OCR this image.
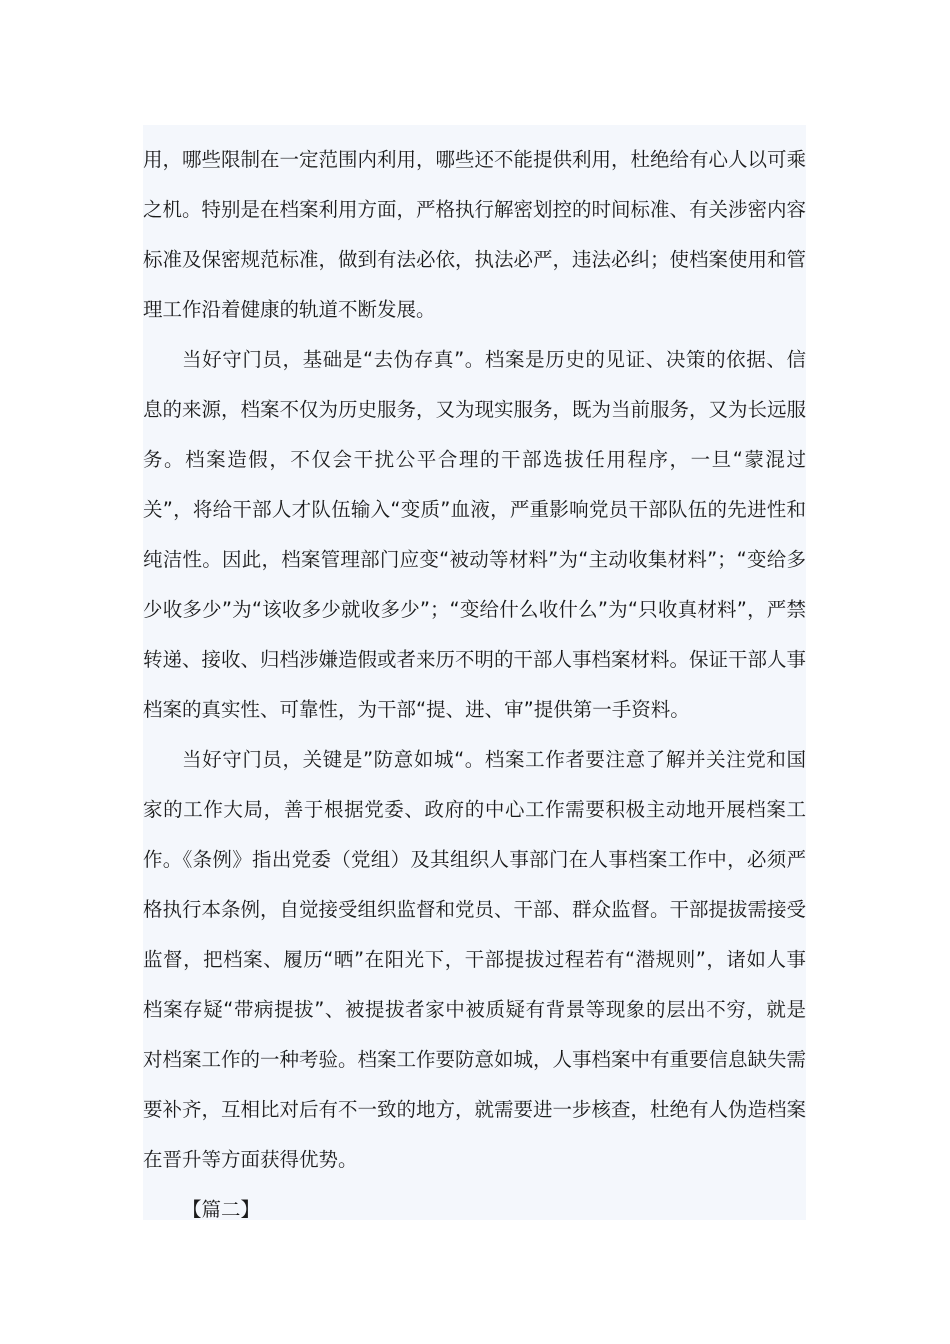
用，哪些限制在一定范围内利用，哪些还不能提供利用，杜绝给有心人以可乘之机。特别是在档案利用方面，严格执行解密划控的时间标准、有关涉密内容标准及保密规范标准，做到有法必依，执法必严，违法必纠；使档案使用和管理工作沿着健康的轨道不断发展。

当好守门员，基础是“去伪存真”。档案是历史的见证、决策的依据、信息的来源，档案不仅为历史服务，又为现实服务，既为当前服务，又为长远服务。档案造假，不仅会干扰公平合理的干部选拔任用程序，一旦“蒙混过关”，将给干部人才队伍输入“变质”血液，严重影响党员干部队伍的先进性和纯洁性。因此，档案管理部门应变“被动等材料”为“主动收集材料”；“变给多少收多少”为“该收多少就收多少”；“变给什么收什么”为“只收真材料”，严禁转递、接收、归档涉嫌造假或者来历不明的干部人事档案材料。保证干部人事档案的真实性、可靠性，为干部“提、进、审”提供第一手资料。

当好守门员，关键是”防意如城“。档案工作者要注意了解并关注党和国家的工作大局，善于根据党委、政府的中心工作需要积极主动地开展档案工作。《条例》指出党委（党组）及其组织人事部门在人事档案工作中，必须严格执行本条例，自觉接受组织监督和党员、干部、群众监督。干部提拔需接受监督，把档案、履历“晒”在阳光下，干部提拔过程若有“潜规则”，诸如人事档案存疑“带病提拔”、被提拔者家中被质疑有背景等现象的层出不穷，就是对档案工作的一种考验。档案工作要防意如城，人事档案中有重要信息缺失需要补齐，互相比对后有不一致的地方，就需要进一步核查，杜绝有人伪造档案在晋升等方面获得优势。

【篇二】
